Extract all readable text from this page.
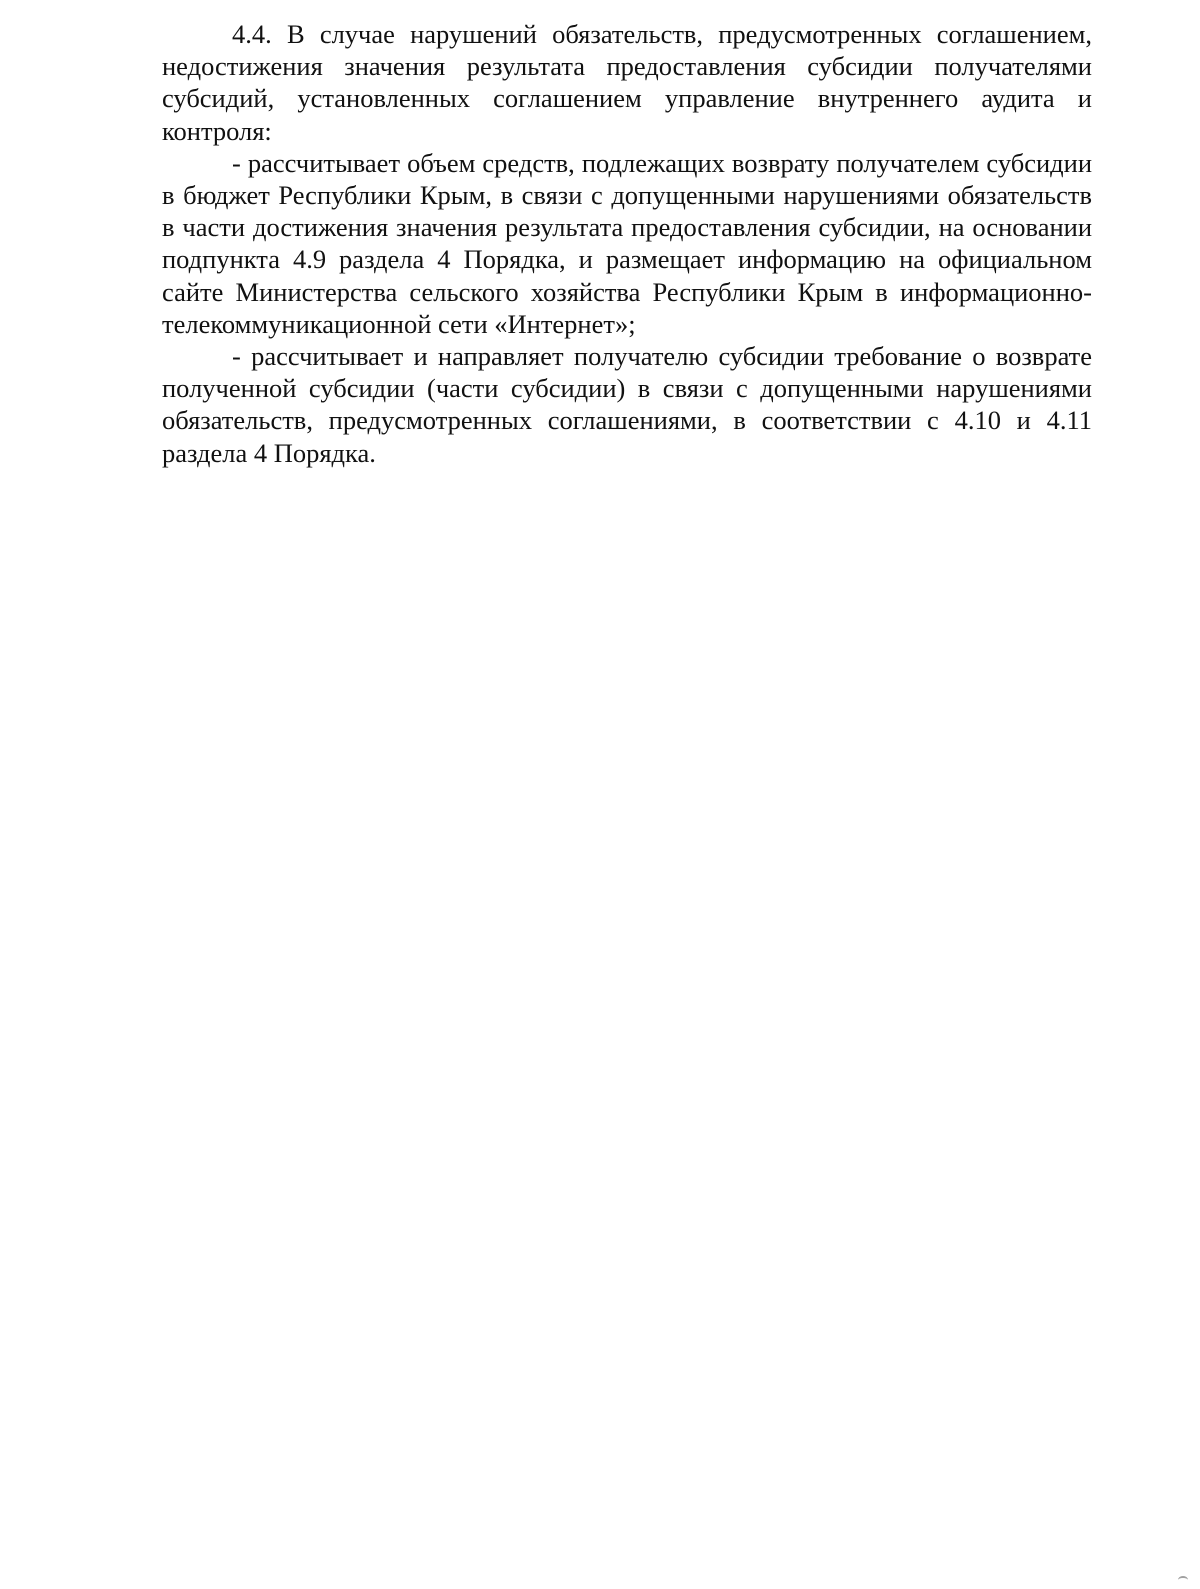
4.4. В случае нарушений обязательств, предусмотренных соглашением, недостижения значения результата предоставления субсидии получателями субсидий, установленных соглашением управление внутреннего аудита и контроля:

- рассчитывает объем средств, подлежащих возврату получателем субсидии в бюджет Республики Крым, в связи с допущенными нарушениями обязательств в части достижения значения результата предоставления субсидии, на основании подпункта 4.9 раздела 4 Порядка, и размещает информацию на официальном сайте Министерства сельского хозяйства Республики Крым в информационно-телекоммуникационной сети «Интернет»;

- рассчитывает и направляет получателю субсидии требование о возврате полученной субсидии (части субсидии) в связи с допущенными нарушениями обязательств, предусмотренных соглашениями, в соответствии с 4.10 и 4.11 раздела 4 Порядка.
